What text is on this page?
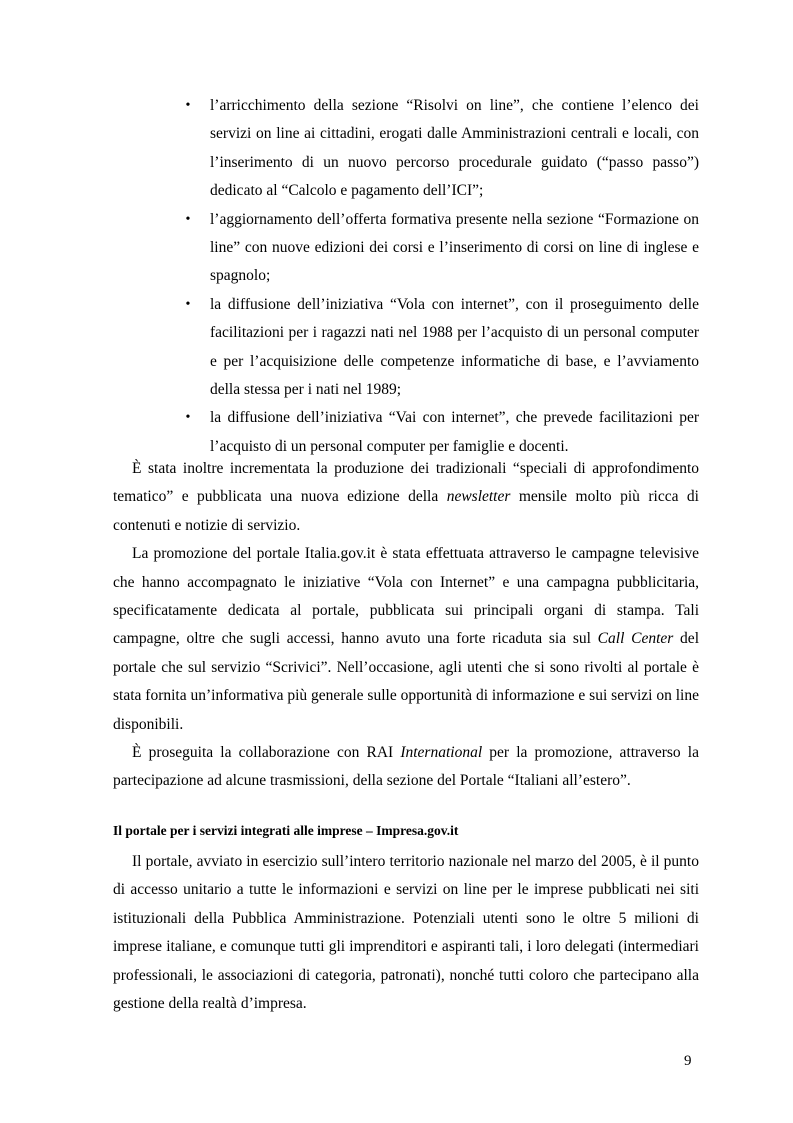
• l’arricchimento della sezione “Risolvi on line”, che contiene l’elenco dei servizi on line ai cittadini, erogati dalle Amministrazioni centrali e locali, con l’inserimento di un nuovo percorso procedurale guidato (“passo passo”) dedicato al “Calcolo e pagamento dell’ICI”;
• l’aggiornamento dell’offerta formativa presente nella sezione “Formazione on line” con nuove edizioni dei corsi e l’inserimento di corsi on line di inglese e spagnolo;
• la diffusione dell’iniziativa “Vola con internet”, con il proseguimento delle facilitazioni per i ragazzi nati nel 1988 per l’acquisto di un personal computer e per l’acquisizione delle competenze informatiche di base, e l’avviamento della stessa per i nati nel 1989;
• la diffusione dell’iniziativa “Vai con internet”, che prevede facilitazioni per l’acquisto di un personal computer per famiglie e docenti.

È stata inoltre incrementata la produzione dei tradizionali “speciali di approfondimento tematico” e pubblicata una nuova edizione della newsletter mensile molto più ricca di contenuti e notizie di servizio.

La promozione del portale Italia.gov.it è stata effettuata attraverso le campagne televisive che hanno accompagnato le iniziative “Vola con Internet” e una campagna pubblicitaria, specificatamente dedicata al portale, pubblicata sui principali organi di stampa. Tali campagne, oltre che sugli accessi, hanno avuto una forte ricaduta sia sul Call Center del portale che sul servizio “Scrivici”. Nell’occasione, agli utenti che si sono rivolti al portale è stata fornita un’informativa più generale sulle opportunità di informazione e sui servizi on line disponibili.

È proseguita la collaborazione con RAI International per la promozione, attraverso la partecipazione ad alcune trasmissioni, della sezione del Portale “Italiani all’estero”.

Il portale per i servizi integrati alle imprese – Impresa.gov.it

Il portale, avviato in esercizio sull’intero territorio nazionale nel marzo del 2005, è il punto di accesso unitario a tutte le informazioni e servizi on line per le imprese pubblicati nei siti istituzionali della Pubblica Amministrazione. Potenziali utenti sono le oltre 5 milioni di imprese italiane, e comunque tutti gli imprenditori e aspiranti tali, i loro delegati (intermediari professionali, le associazioni di categoria, patronati), nonché tutti coloro che partecipano alla gestione della realtà d’impresa.

9
